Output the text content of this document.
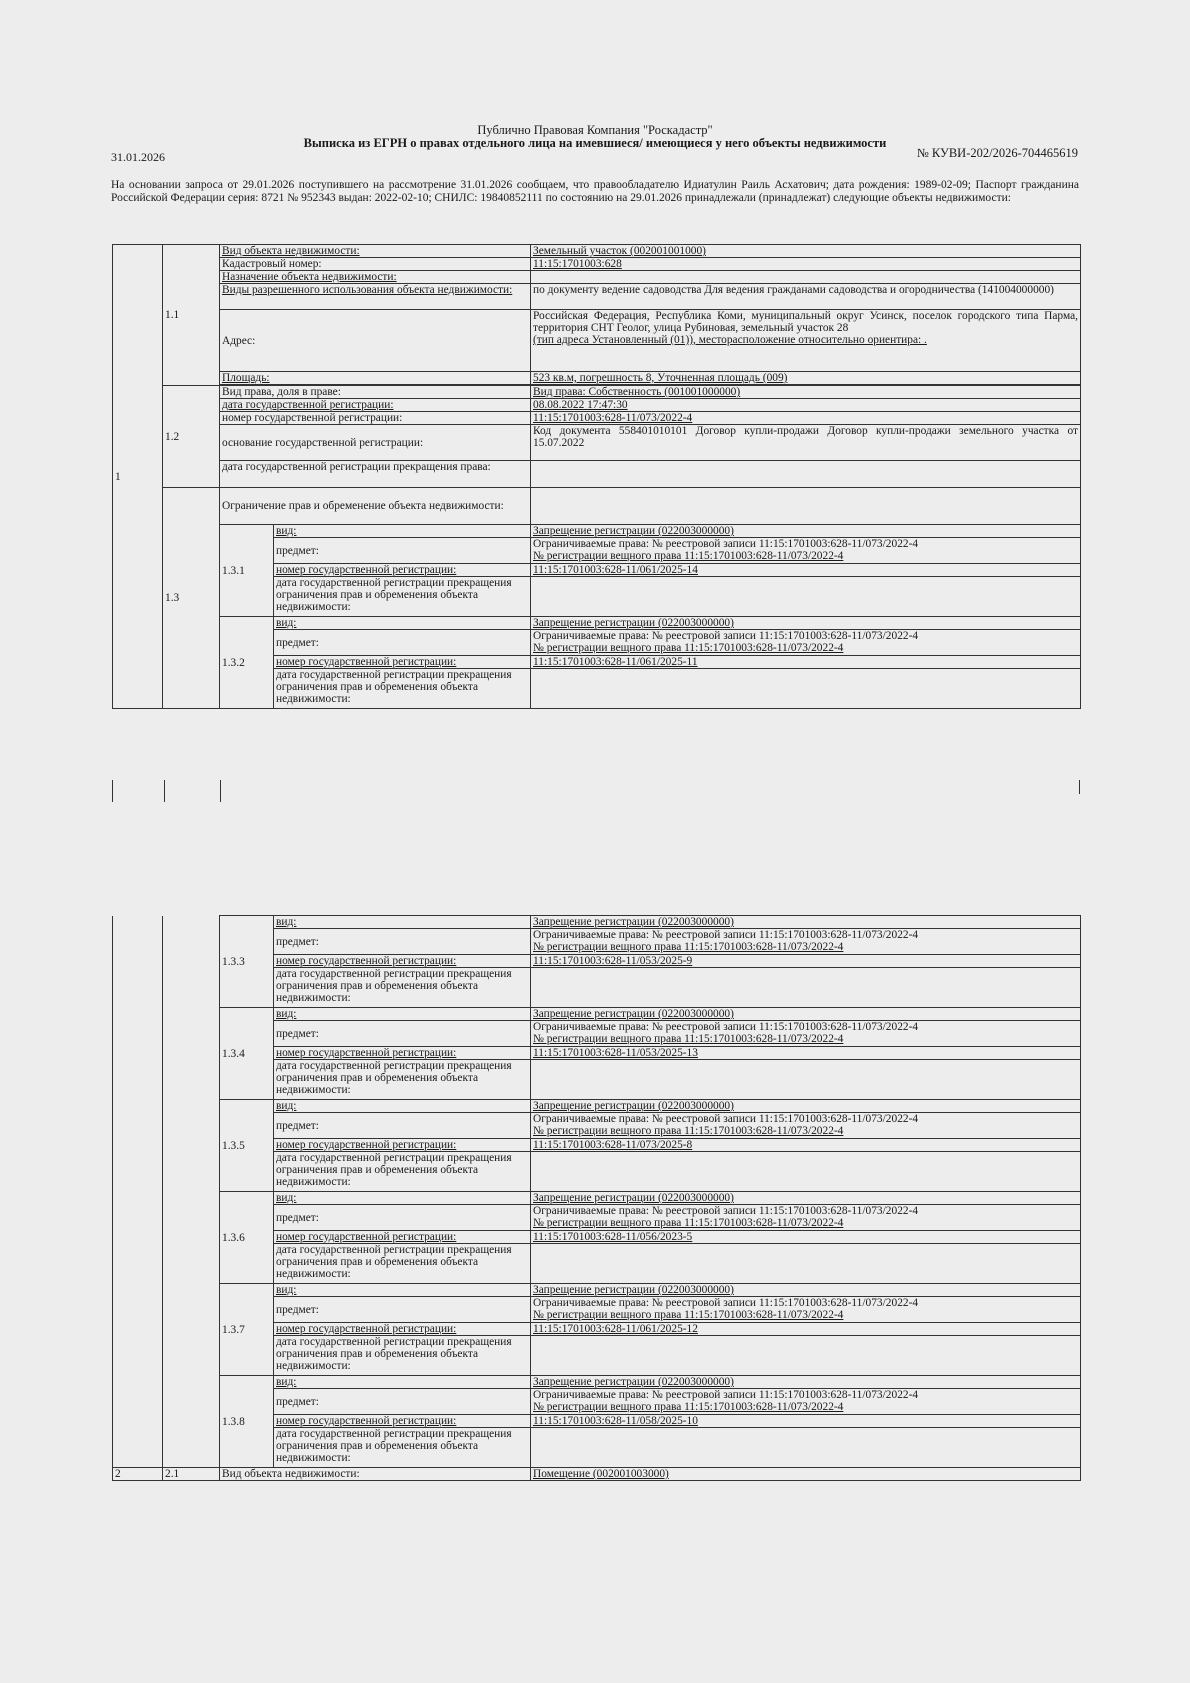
Публично Правовая Компания "Роскадастр"
Выписка из ЕГРН о правах отдельного лица на имевшиеся/ имеющиеся у него объекты недвижимости
31.01.2026	№ КУВИ-202/2026-704465619

На основании запроса от 29.01.2026 поступившего на рассмотрение 31.01.2026 сообщаем, что правообладателю Идиатулин Раиль Асхатович; дата рождения: 1989-02-09; Паспорт гражданина Российской Федерации серия: 8721 № 952343 выдан: 2022-02-10; СНИЛС: 19840852111 по состоянию на 29.01.2026 принадлежали (принадлежат) следующие объекты недвижимости:

1	1.1	Вид объекта недвижимости:		Земельный участок (002001001000)
		Кадастровый номер:		11:15:1701003:628
		Назначение объекта недвижимости:		
		Виды разрешенного использования объекта недвижимости:		по документу ведение садоводства Для ведения гражданами садоводства и огородничества (141004000000)
		Адрес:		Российская Федерация, Республика Коми, муниципальный округ Усинск, поселок городского типа Парма, территория СНТ Геолог, улица Рубиновая, земельный участок 28
(тип адреса Установленный (01)), месторасположение относительно ориентира: .
		Площадь:		523 кв.м, погрешность 8, Уточненная площадь (009)

	1.2	Вид права, доля в праве:		Вид права: Собственность (001001000000)
		дата государственной регистрации:		08.08.2022 17:47:30
		номер государственной регистрации:		11:15:1701003:628-11/073/2022-4
		основание государственной регистрации:		Код документа 558401010101 Договор купли-продажи Договор купли-продажи земельного участка от 15.07.2022
		дата государственной регистрации прекращения права:		
	1.3	Ограничение прав и обременение объекта недвижимости:		
		1.3.1	вид:	Запрещение регистрации (022003000000)
			предмет:	Ограничиваемые права: № реестровой записи 11:15:1701003:628-11/073/2022-4
№ регистрации вещного права 11:15:1701003:628-11/073/2022-4
			номер государственной регистрации:	11:15:1701003:628-11/061/2025-14
			дата государственной регистрации прекращения ограничения прав и обременения объекта недвижимости:	
		1.3.2	вид:	Запрещение регистрации (022003000000)
			предмет:	Ограничиваемые права: № реестровой записи 11:15:1701003:628-11/073/2022-4
№ регистрации вещного права 11:15:1701003:628-11/073/2022-4
			номер государственной регистрации:	11:15:1701003:628-11/061/2025-11
			дата государственной регистрации прекращения ограничения прав и обременения объекта недвижимости:	
		1.3.3	вид:	Запрещение регистрации (022003000000)
			предмет:	Ограничиваемые права: № реестровой записи 11:15:1701003:628-11/073/2022-4
№ регистрации вещного права 11:15:1701003:628-11/073/2022-4
			номер государственной регистрации:	11:15:1701003:628-11/053/2025-9
			дата государственной регистрации прекращения ограничения прав и обременения объекта недвижимости:	
		1.3.4	вид:	Запрещение регистрации (022003000000)
			предмет:	Ограничиваемые права: № реестровой записи 11:15:1701003:628-11/073/2022-4
№ регистрации вещного права 11:15:1701003:628-11/073/2022-4
			номер государственной регистрации:	11:15:1701003:628-11/053/2025-13
			дата государственной регистрации прекращения ограничения прав и обременения объекта недвижимости:	
		1.3.5	вид:	Запрещение регистрации (022003000000)
			предмет:	Ограничиваемые права: № реестровой записи 11:15:1701003:628-11/073/2022-4
№ регистрации вещного права 11:15:1701003:628-11/073/2022-4
			номер государственной регистрации:	11:15:1701003:628-11/073/2025-8
			дата государственной регистрации прекращения ограничения прав и обременения объекта недвижимости:	
		1.3.6	вид:	Запрещение регистрации (022003000000)
			предмет:	Ограничиваемые права: № реестровой записи 11:15:1701003:628-11/073/2022-4
№ регистрации вещного права 11:15:1701003:628-11/073/2022-4
			номер государственной регистрации:	11:15:1701003:628-11/056/2023-5
			дата государственной регистрации прекращения ограничения прав и обременения объекта недвижимости:	
		1.3.7	вид:	Запрещение регистрации (022003000000)
			предмет:	Ограничиваемые права: № реестровой записи 11:15:1701003:628-11/073/2022-4
№ регистрации вещного права 11:15:1701003:628-11/073/2022-4
			номер государственной регистрации:	11:15:1701003:628-11/061/2025-12
			дата государственной регистрации прекращения ограничения прав и обременения объекта недвижимости:	
		1.3.8	вид:	Запрещение регистрации (022003000000)
			предмет:	Ограничиваемые права: № реестровой записи 11:15:1701003:628-11/073/2022-4
№ регистрации вещного права 11:15:1701003:628-11/073/2022-4
			номер государственной регистрации:	11:15:1701003:628-11/058/2025-10
			дата государственной регистрации прекращения ограничения прав и обременения объекта недвижимости:	
2	2.1	Вид объекта недвижимости:		Помещение (002001003000)
